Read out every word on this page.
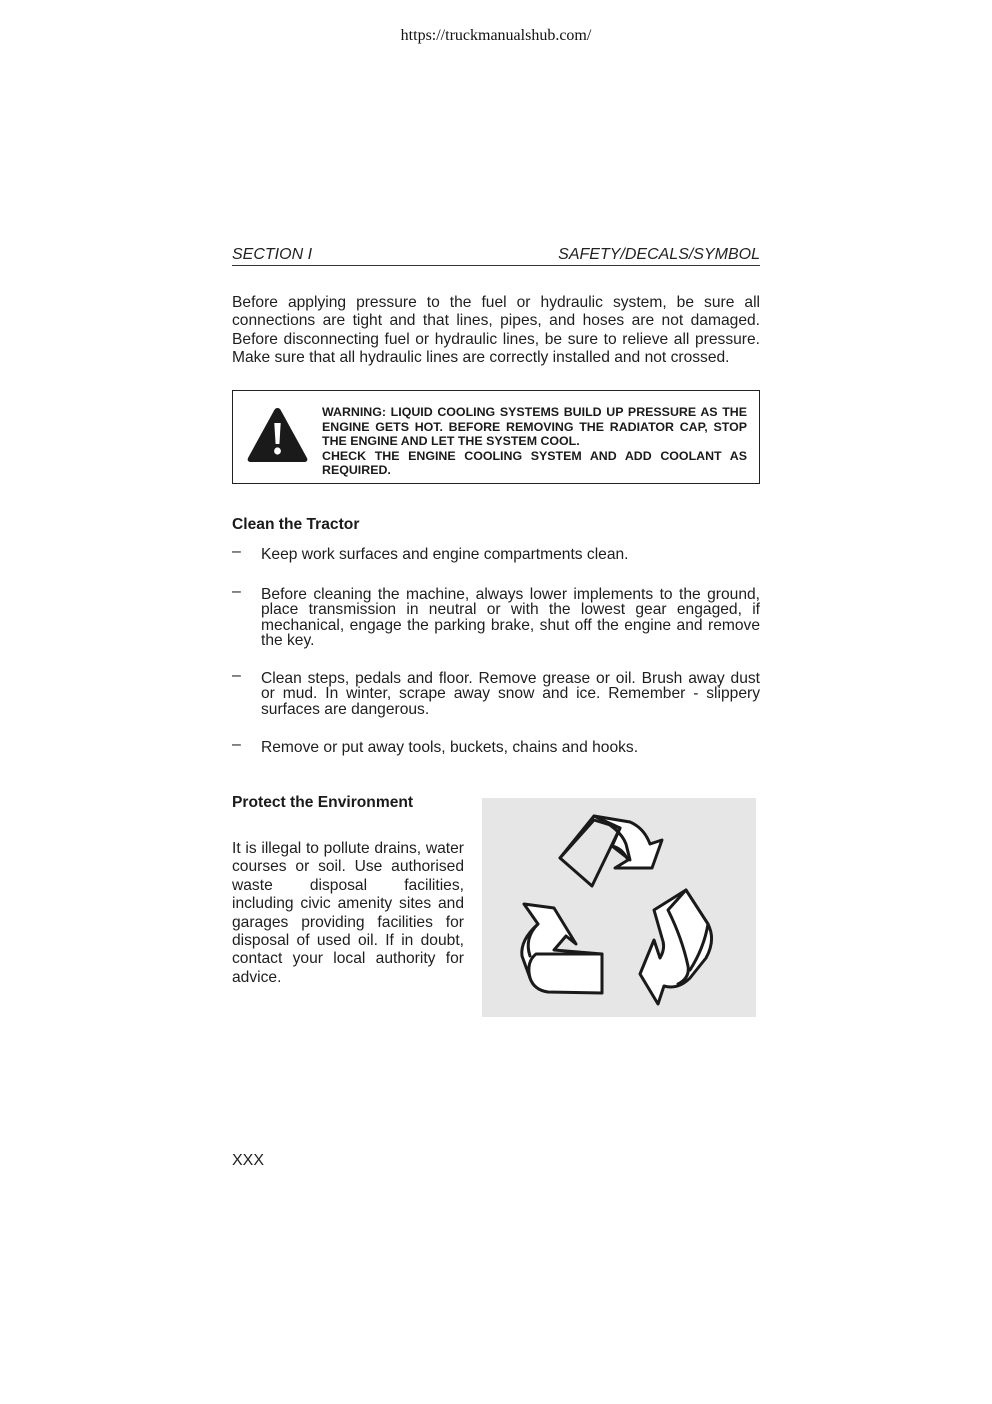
https://truckmanualshub.com/
SECTION I	SAFETY/DECALS/SYMBOL

Before applying pressure to the fuel or hydraulic system, be sure all connections are tight and that lines, pipes, and hoses are not damaged. Before disconnecting fuel or hydraulic lines, be sure to relieve all pressure. Make sure that all hydraulic lines are correctly installed and not crossed.

WARNING: LIQUID COOLING SYSTEMS BUILD UP PRESSURE AS THE ENGINE GETS HOT. BEFORE REMOVING THE RADIATOR CAP, STOP THE ENGINE AND LET THE SYSTEM COOL.
CHECK THE ENGINE COOLING SYSTEM AND ADD COOLANT AS REQUIRED.
Clean the Tractor
– Keep work surfaces and engine compartments clean.
– Before cleaning the machine, always lower implements to the ground, place transmission in neutral or with the lowest gear engaged, if mechanical, engage the parking brake, shut off the engine and remove the key.
– Clean steps, pedals and floor. Remove grease or oil. Brush away dust or mud. In winter, scrape away snow and ice. Remember - slippery surfaces are dangerous.
– Remove or put away tools, buckets, chains and hooks.
Protect the Environment

It is illegal to pollute drains, water courses or soil. Use authorised waste disposal facilities, including civic amenity sites and garages providing facilities for disposal of used oil. If in doubt, contact your local authority for advice.

XXX
